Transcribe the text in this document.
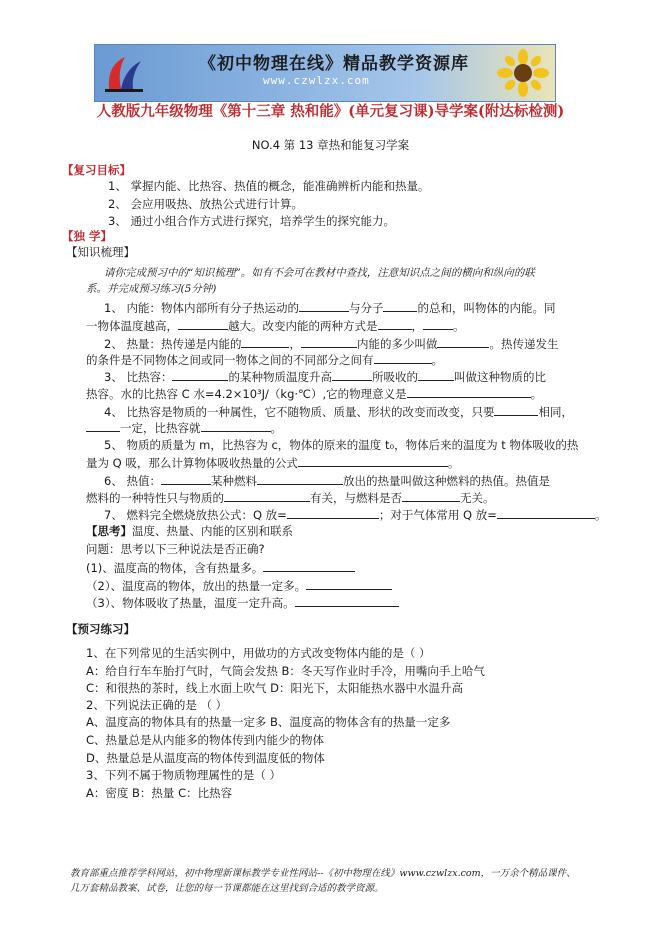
《初中物理在线》精品教学资源库
www.czwlzx.com
人教版九年级物理《第十三章 热和能》(单元复习课)导学案(附达标检测)
NO.4 第 13 章热和能复习学案
【复习目标】
1、 掌握内能、比热容、热值的概念，能准确辨析内能和热量。
2、 会应用吸热、放热公式进行计算。
3、 通过小组合作方式进行探究，培养学生的探究能力。
【独 学】
【知识梳理】
请你完成预习中的“知识梳理”。如有不会可在教材中查找，注意知识点之间的横向和纵向的联
系。并完成预习练习(5分钟)
1、 内能：物体内部所有分子热运动的	与分子	的总和，叫物体的内能。同
一物体温度越高，	越大。改变内能的两种方式是	，	。
2、 热量：热传递是内能的	，	内能的多少叫做	。热传递发生
的条件是不同物体之间或同一物体之间的不同部分之间有	。
3、 比热容：	的某种物质温度升高	所吸收的	叫做这种物质的比
热容。水的比热容 C 水=4.2×10³J/（kg·℃）,它的物理意义是	。
4、 比热容是物质的一种属性，它不随物质、质量、形状的改变而改变，只要	相同，
一定，比热容就	。
5、 物质的质量为 m，比热容为 c，物体的原来的温度 t₀，物体后来的温度为 t 物体吸收的热
量为 Q 吸，那么计算物体吸收热量的公式	。
6、 热值：	某种燃料	放出的热量叫做这种燃料的热值。热值是
燃料的一种特性只与物质的	有关，与燃料是否	无关。
7、 燃料完全燃烧放热公式：Q 放=	；对于气体常用 Q 放=	。
【思考】温度、热量、内能的区别和联系
问题：思考以下三种说法是否正确?
(1)、温度高的物体，含有热量多。
（2）、温度高的物体，放出的热量一定多。
（3）、物体吸收了热量，温度一定升高。
【预习练习】
1、在下列常见的生活实例中，用做功的方式改变物体内能的是（ ）
A：给自行车车胎打气时，气筒会发热 B：冬天写作业时手冷，用嘴向手上哈气
C：和很热的茶时，线上水面上吹气 D：阳光下，太阳能热水器中水温升高
2、下列说法正确的是 （ ）
A、温度高的物体具有的热量一定多 B、温度高的物体含有的热量一定多
C、热量总是从内能多的物体传到内能少的物体
D、热量总是从温度高的物体传到温度低的物体
3、下列不属于物质物理属性的是（ ）
A：密度 B：热量 C：比热容
教育部重点推荐学科网站，初中物理新课标教学专业性网站--《初中物理在线》www.czwlzx.com，一万余个精品课件、
几万套精品教案、试卷，让您的每一节课都能在这里找到合适的教学资源。
